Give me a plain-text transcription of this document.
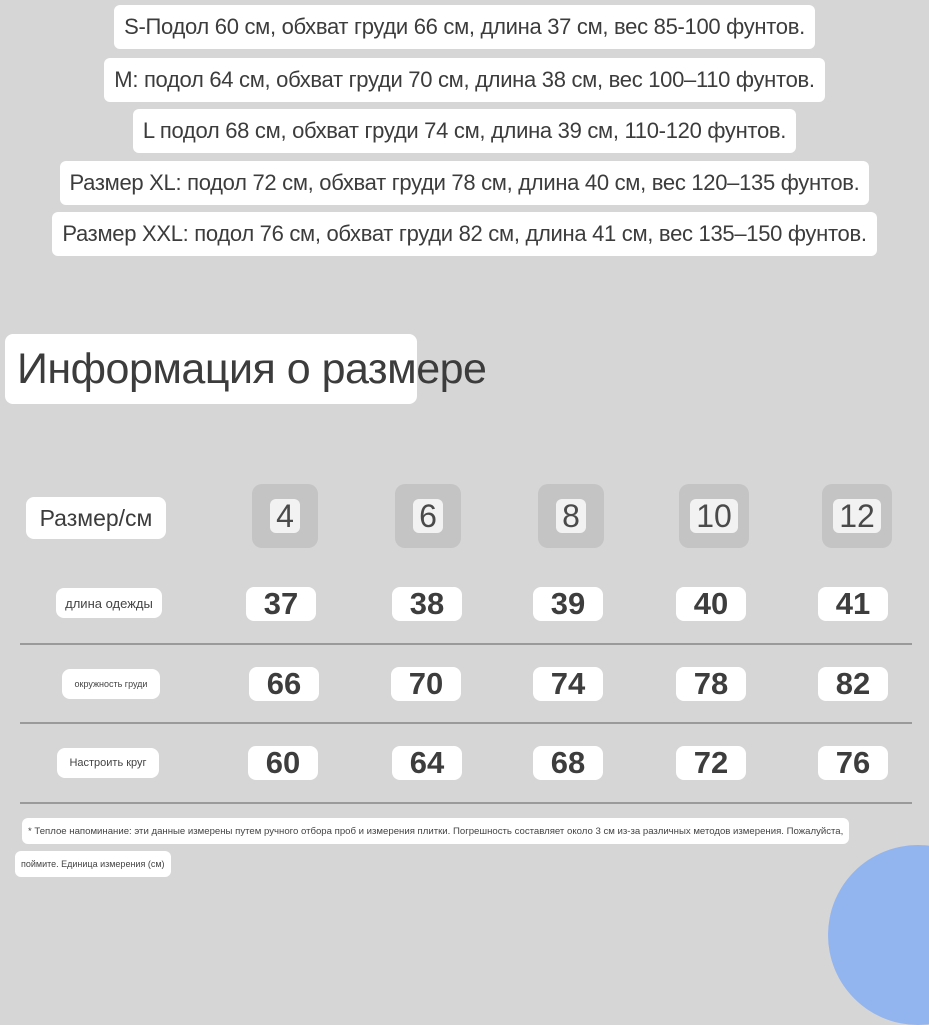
S-Подол 60 см, обхват груди 66 см, длина 37 см, вес 85-100 фунтов.
M: подол 64 см, обхват груди 70 см, длина 38 см, вес 100–110 фунтов.
L подол 68 см, обхват груди 74 см, длина 39 см, 110-120 фунтов.
Размер XL: подол 72 см, обхват груди 78 см, длина 40 см, вес 120–135 фунтов.
Размер XXL: подол 76 см, обхват груди 82 см, длина 41 см, вес 135–150 фунтов.
Информация о размере
Размер/см	4	6	8	10	12
длина одежды	37	38	39	40	41
окружность груди	66	70	74	78	82
Настроить круг	60	64	68	72	76
* Теплое напоминание: эти данные измерены путем ручного отбора проб и измерения плитки. Погрешность составляет около 3 см из-за различных методов измерения. Пожалуйста,
поймите. Единица измерения (см)
